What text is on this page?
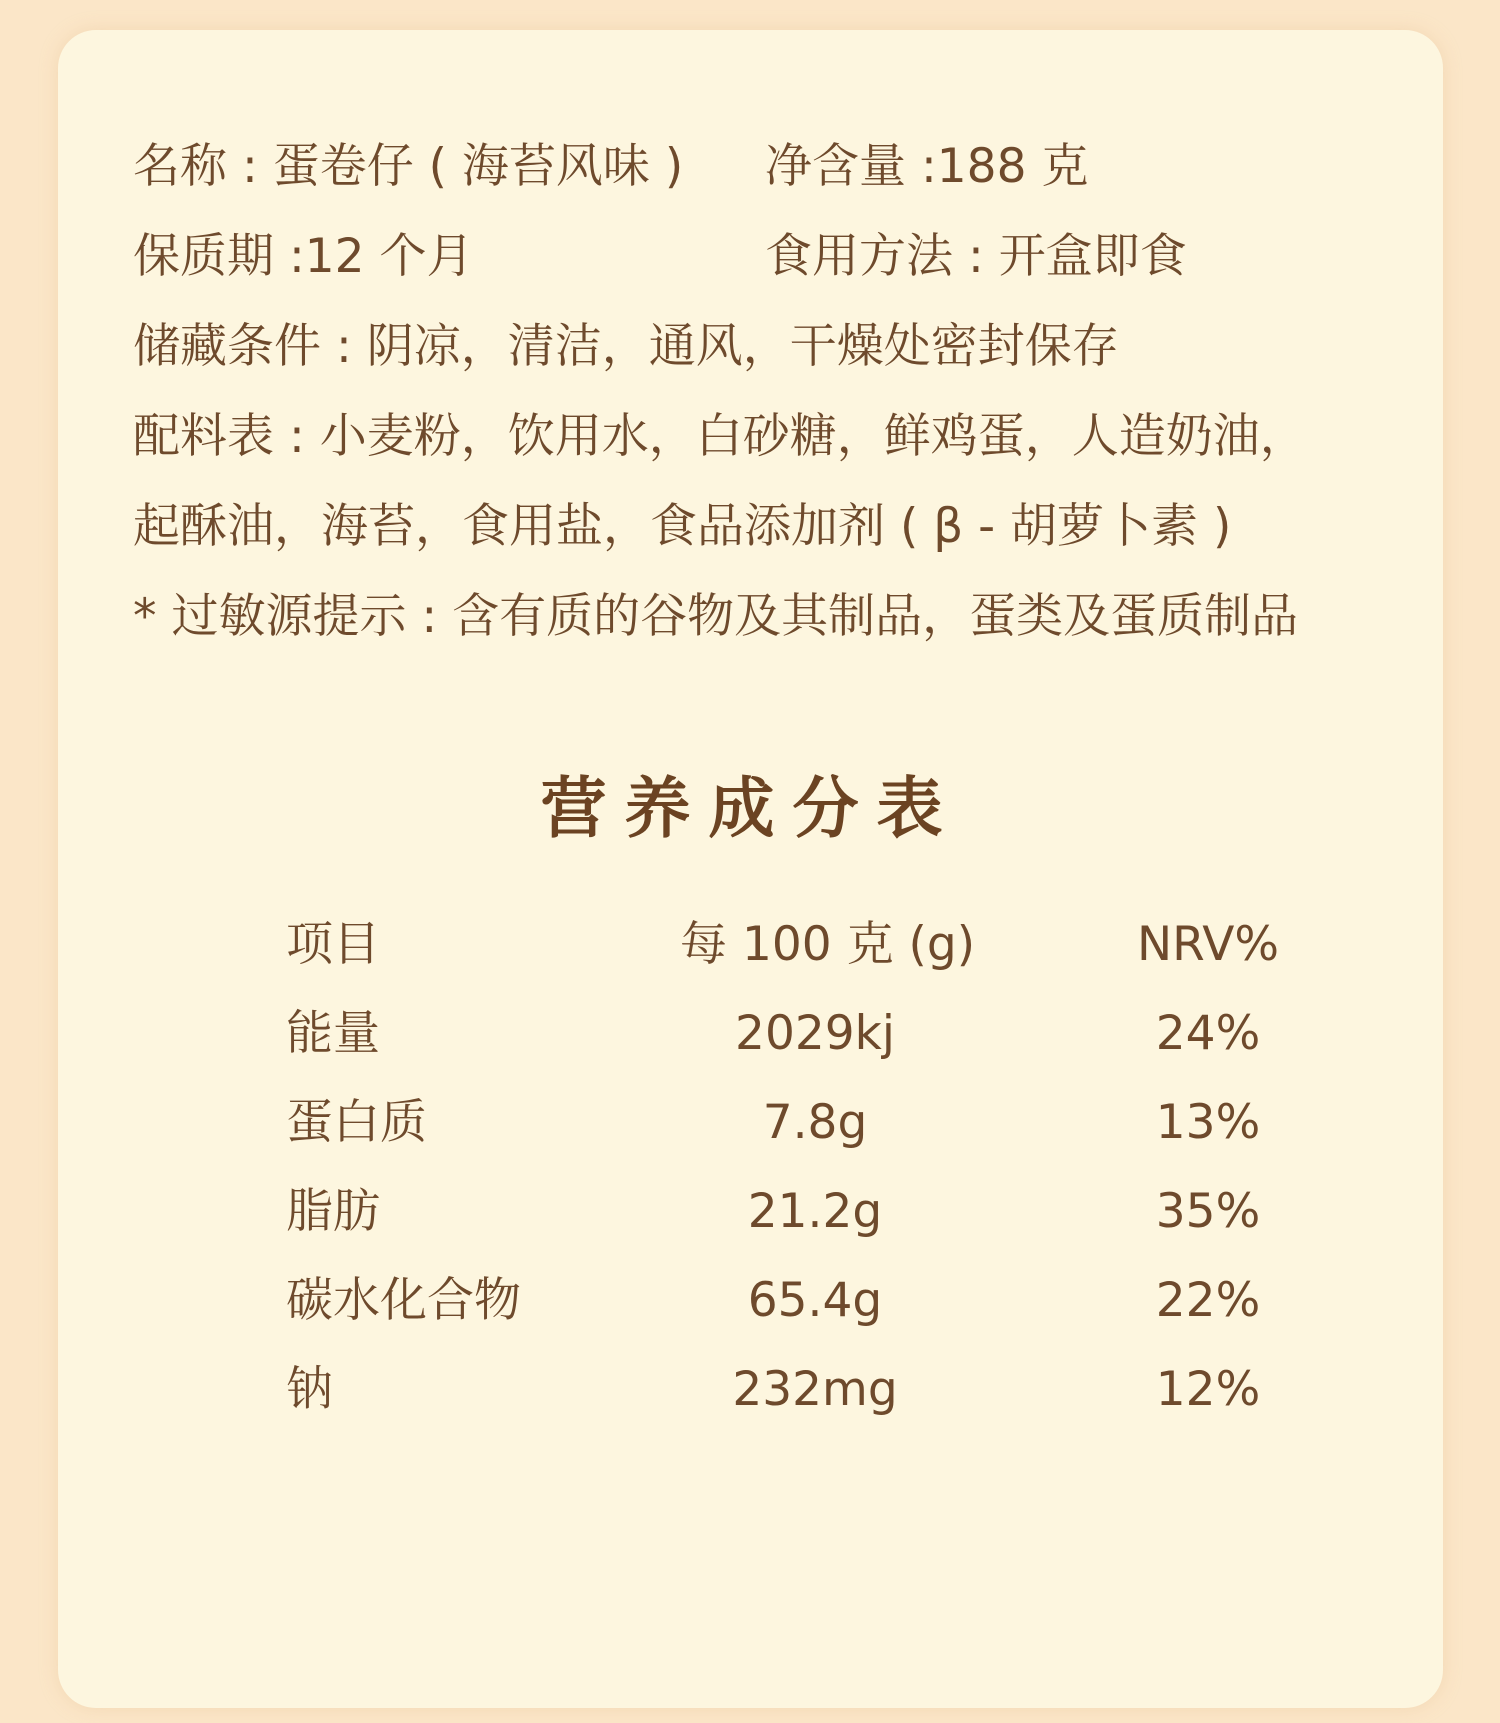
名称 : 蛋卷仔 ( 海苔风味 ) 净含量 :188 克
保质期 :12 个月	食用方法 : 开盒即食
储藏条件 : 阴凉，清洁，通风，干燥处密封保存
配料表 : 小麦粉，饮用水，白砂糖，鲜鸡蛋，人造奶油，
起酥油，海苔，食用盐，食品添加剂 ( β - 胡萝卜素 )
* 过敏源提示 : 含有质的谷物及其制品，蛋类及蛋质制品
营养成分表
项目	每 100 克 (g)	NRV%
能量	2029kj	24%
蛋白质	7.8g	13%
脂肪	21.2g	35%
碳水化合物	65.4g	22%
钠	232mg	12%
